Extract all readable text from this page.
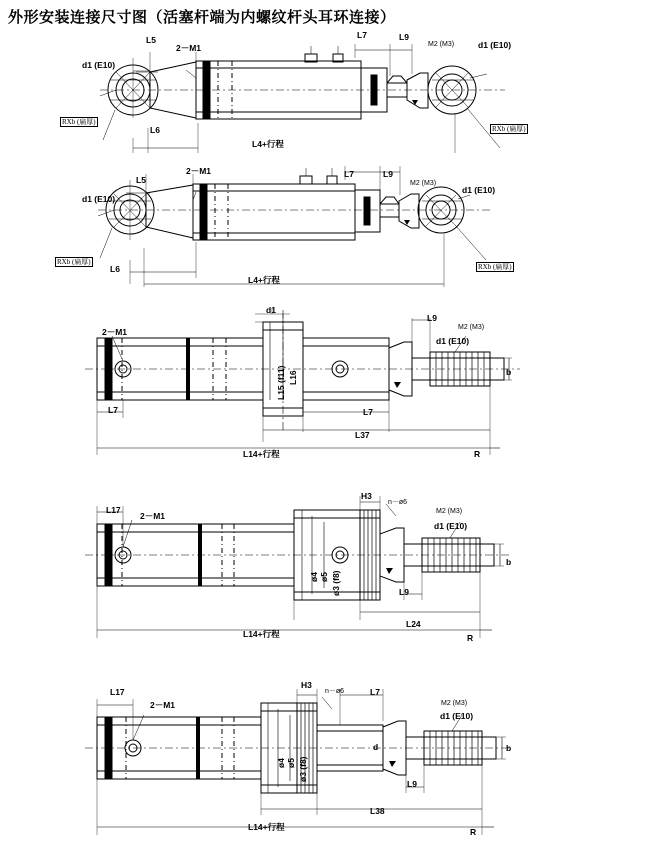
外形安装连接尺寸图（活塞杆端为内螺纹杆头耳环连接）
L5
2－M1
L7	L9
M2 (M3)	d1 (E10)
d1 (E10)
L6
L4+行程
RXb (扁厚)
RXb (扁厚)
L5
2－M1	L7	L9
M2 (M3)
d1 (E10)
d1 (E10)
L6
L4+行程
RXb (扁厚)
RXb (扁厚)
2－M1
d1
L9
M2 (M3)
d1 (E10)
L16
L15 (f11)
L7
L7
L37
L14+行程	R
b
L17
2－M1
H3
n－ø6
M2 (M3)
d1 (E10)
ø5
ø4 ø3 (f8)	L9
L24
L14+行程	R
b
L17
2－M1
H3
n－ø6	L7
M2 (M3)
d1 (E10)
ø5
ø4 ø3 (f8)
d
L9
L38
L14+行程	R
b
